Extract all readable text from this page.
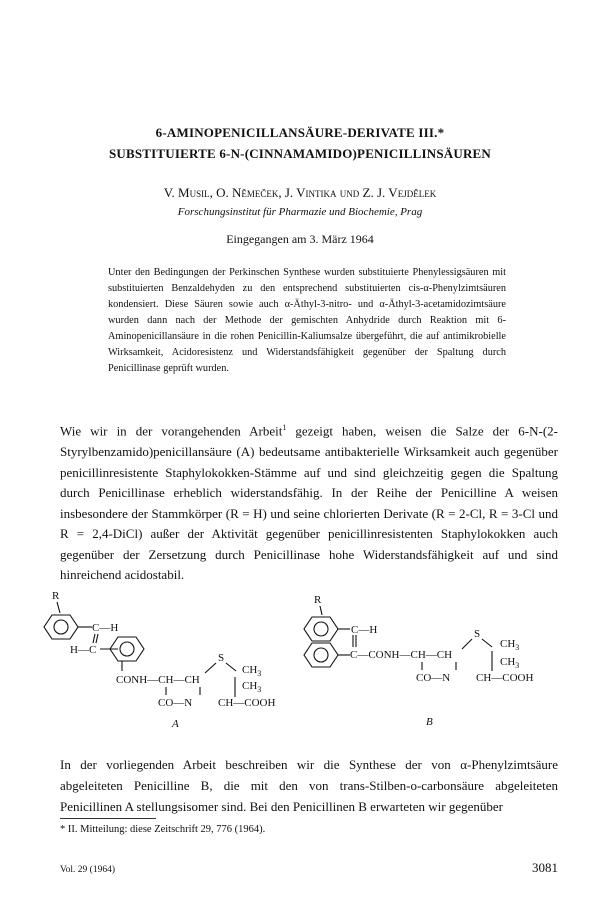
6-AMINOPENICILLANSÄURE-DERIVATE III.*
SUBSTITUIERTE 6-N-(CINNAMAMIDO)PENICILLINSÄUREN
V. Musil, O. Němeček, J. Vintika und Z. J. Vejdělek
Forschungsinstitut für Pharmazie und Biochemie, Prag
Eingegangen am 3. März 1964
Unter den Bedingungen der Perkinschen Synthese wurden substituierte Phenylessigsäuren mit substituierten Benzaldehyden zu den entsprechend substituierten cis-α-Phenylzimtsäuren kondensiert. Diese Säuren sowie auch α-Äthyl-3-nitro- und α-Äthyl-3-acetamidozimtsäure wurden dann nach der Methode der gemischten Anhydride durch Reaktion mit 6-Aminopenicillansäure in die rohen Penicillin-Kaliumsalze übergeführt, die auf antimikrobielle Wirksamkeit, Acidoresistenz und Widerstandsfähigkeit gegenüber der Spaltung durch Penicillinase geprüft wurden.
Wie wir in der vorangehenden Arbeit$^1$ gezeigt haben, weisen die Salze der 6-N-(2-Styrylbenzamido)penicillansäure (A) bedeutsame antibakterielle Wirksamkeit auch gegenüber penicillinresistente Staphylokokken-Stämme auf und sind gleichzeitig gegen die Spaltung durch Penicillinase erheblich widerstandsfähig. In der Reihe der Penicilline A weisen insbesondere der Stammkörper (R = H) und seine chlorierten Derivate (R = 2-Cl, R = 3-Cl und R = 2,4-DiCl) außer der Aktivität gegenüber penicillinresistenten Staphylokokken auch gegenüber der Zersetzung durch Penicillinase hohe Widerstandsfähigkeit auf und sind hinreichend acidostabil.
R
C—H
H—C
CONH—CH—CH
S
$CH_3$
$CH_3$
CO—N CH—COOH
A
R
C—H
C—CONH—CH—CH
S
$CH_3$
$CH_3$
CO—N CH—COOH
B
In der vorliegenden Arbeit beschreiben wir die Synthese der von α-Phenylzimtsäure abgeleiteten Penicilline B, die mit den von trans-Stilben-o-carbonsäure abgeleiteten Penicillinen A stellungsisomer sind. Bei den Penicillinen B erwarteten wir gegenüber
* II. Mitteilung: diese Zeitschrift 29, 776 (1964).
Vol. 29 (1964)	3081
